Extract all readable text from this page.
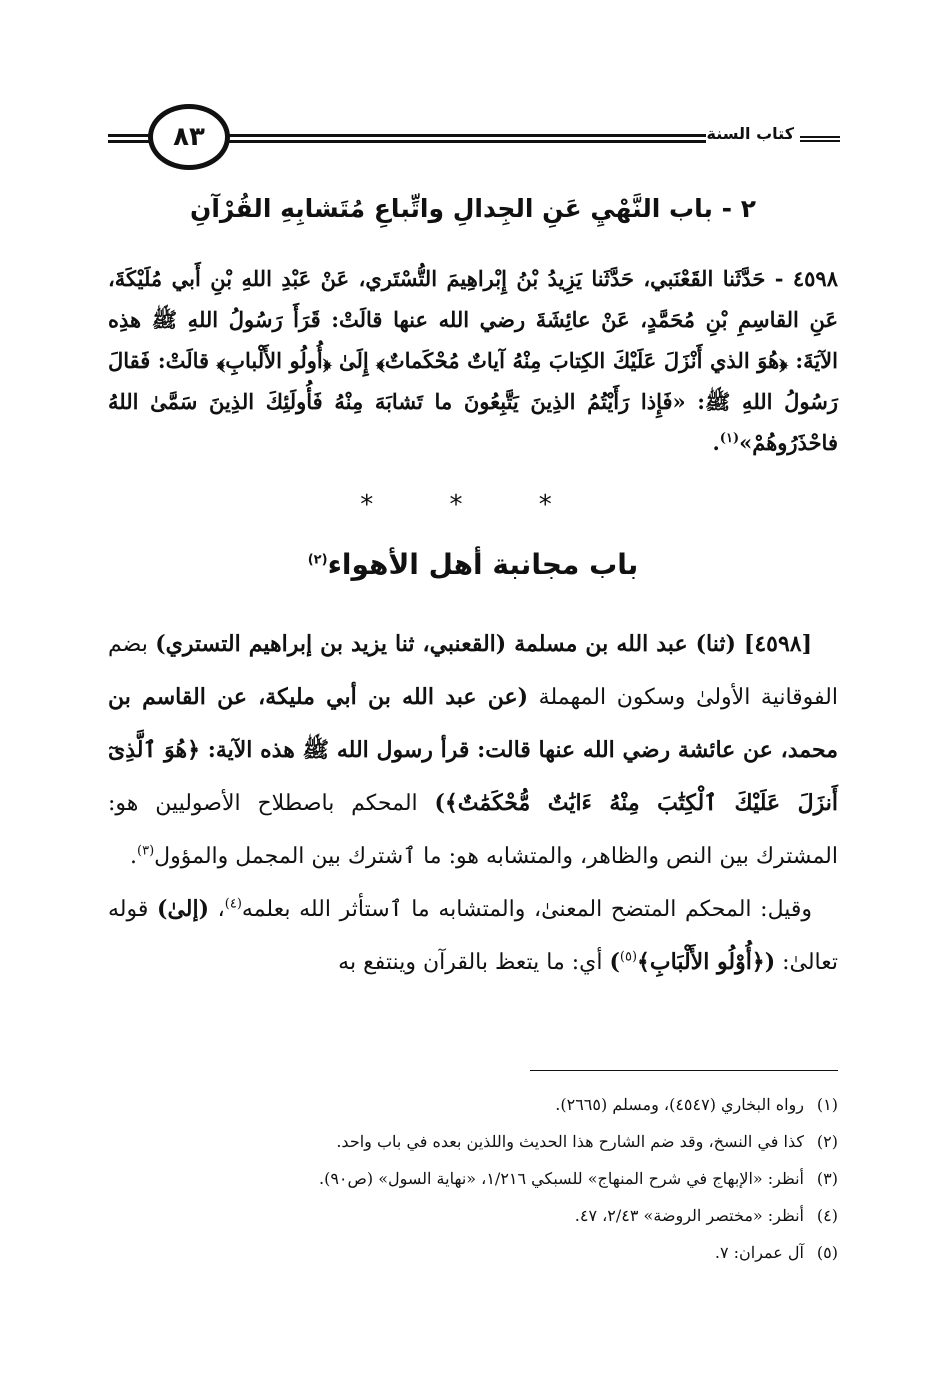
كتاب السنة
٨٣
٢ - باب النَّهْيِ عَنِ الجِدالِ واتِّباعِ مُتَشابِهِ القُرْآنِ
٤٥٩٨ - حَدَّثَنا القَعْنَبي، حَدَّثَنا يَزِيدُ بْنُ إِبْراهِيمَ التُّسْتَري، عَنْ عَبْدِ اللهِ بْنِ أَبي مُلَيْكَةَ، عَنِ القاسِمِ بْنِ مُحَمَّدٍ، عَنْ عائِشَةَ رضي الله عنها قالَتْ: قَرَأَ رَسُولُ اللهِ ﷺ هذِه الآيَةَ: ﴿هُوَ الذي أَنْزَلَ عَلَيْكَ الكِتابَ مِنْهُ آياتٌ مُحْكَماتٌ﴾ إِلَىٰ ﴿أُولُو الأَلْبابِ﴾ قالَتْ: فَقالَ رَسُولُ اللهِ ﷺ: «فَإِذا رَأَيْتُمُ الذِينَ يَتَّبِعُونَ ما تَشابَهَ مِنْهُ فَأُولَئِكَ الذِينَ سَمَّىٰ اللهُ فاحْذَرُوهُمْ»$^{(١)}$.
* * *
باب مجانبة أهل الأهواء$^{(٢)}$

[٤٥٩٨] (ثنا) عبد الله بن مسلمة (القعنبي، ثنا يزيد بن إبراهيم التستري) بضم الفوقانية الأولىٰ وسكون المهملة (عن عبد الله بن أبي مليكة، عن القاسم بن محمد، عن عائشة رضي الله عنها قالت: قرأ رسول الله ﷺ هذه الآية: ﴿هُوَ ٱلَّذِىٓ أَنزَلَ عَلَيْكَ ٱلْكِتَٰبَ مِنْهُ ءَايَٰتٌ مُّحْكَمَٰتٌ﴾) المحكم باصطلاح الأصوليين هو: المشترك بين النص والظاهر، والمتشابه هو: ما ٱشترك بين المجمل والمؤول$^{(٣)}$.

وقيل: المحكم المتضح المعنىٰ، والمتشابه ما ٱستأثر الله بعلمه$^{(٤)}$، (إلىٰ) قوله تعالىٰ: (﴿أُوْلُو الأَلْبَابِ﴾$^{(٥)}$) أي: ما يتعظ بالقرآن وينتفع به

(١)رواه البخاري (٤٥٤٧)، ومسلم (٢٦٦٥).
(٢)كذا في النسخ، وقد ضم الشارح هذا الحديث واللذين بعده في باب واحد.
(٣)أنظر: «الإبهاج في شرح المنهاج» للسبكي ١/٢١٦، «نهاية السول» (ص٩٠).
(٤)أنظر: «مختصر الروضة» ٢/٤٣، ٤٧.
(٥)آل عمران: ٧.
